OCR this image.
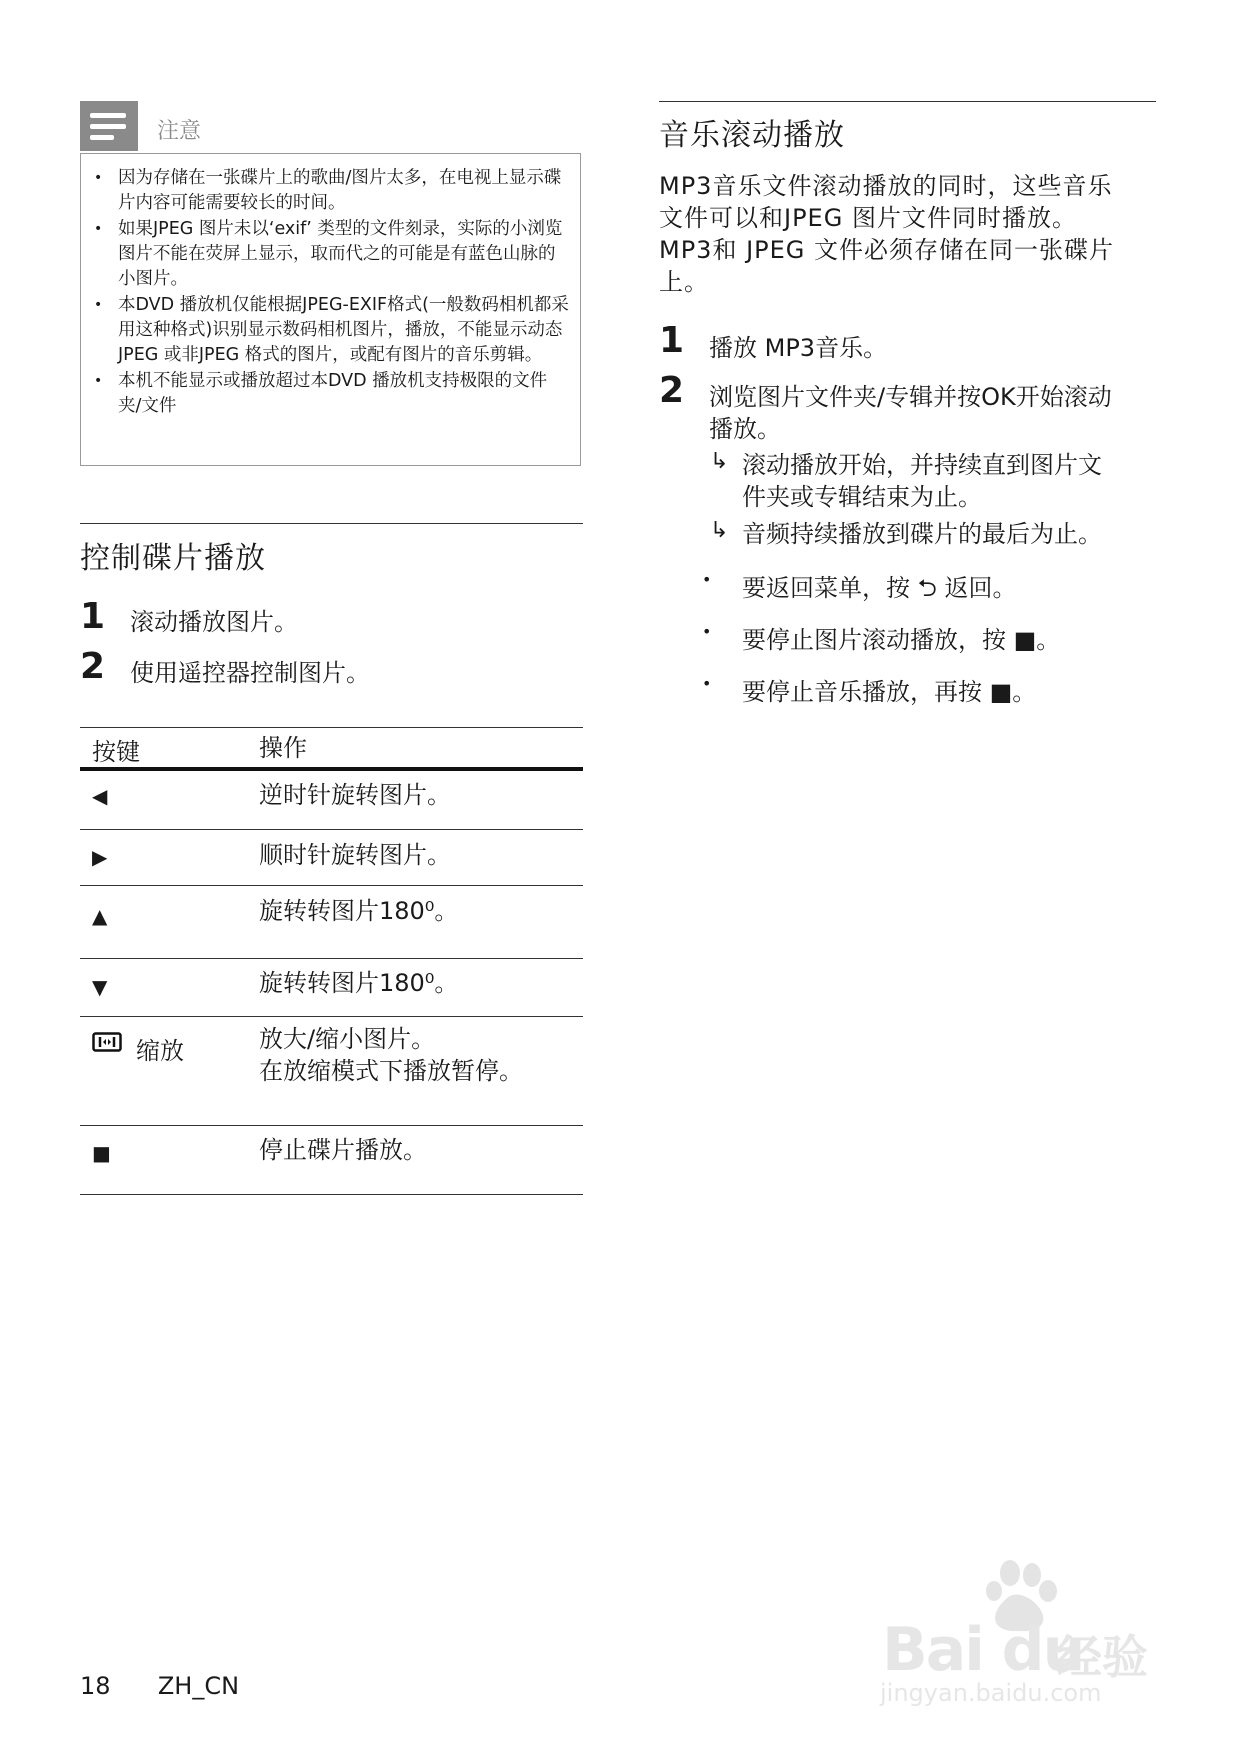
注意
• 因为存储在一张碟片上的歌曲/图片太多，在电视上显示碟片内容可能需要较长的时间。
• 如果JPEG 图片未以‘exif’ 类型的文件刻录，实际的小浏览图片不能在荧屏上显示，取而代之的可能是有蓝色山脉的小图片。
• 本DVD 播放机仅能根据JPEG-EXIF格式(一般数码相机都采用这种格式)识别显示数码相机图片，播放，不能显示动态JPEG 或非JPEG 格式的图片，或配有图片的音乐剪辑。
• 本机不能显示或播放超过本DVD 播放机支持极限的文件夹/文件
控制碟片播放
1 滚动播放图片。
2 使用遥控器控制图片。
按键	操作
◀	逆时针旋转图片。
▶	顺时针旋转图片。
▲	旋转转图片180⁰。
▼	旋转转图片180⁰。
缩放	放大/缩小图片。
在放缩模式下播放暂停。
■	停止碟片播放。
音乐滚动播放
MP3音乐文件滚动播放的同时，这些音乐
文件可以和JPEG 图片文件同时播放。
MP3和 JPEG 文件必须存储在同一张碟片
上。
1 播放 MP3音乐。
2 浏览图片文件夹/专辑并按OK开始滚动
播放。
↳ 滚动播放开始，并持续直到图片文
件夹或专辑结束为止。
↳ 音频持续播放到碟片的最后为止。
• 要返回菜单，按 ⮌ 返回。
• 要停止图片滚动播放，按 ■。
• 要停止音乐播放，再按 ■。
18 ZH_CN
Bai du
经验
jingyan.baidu.com
